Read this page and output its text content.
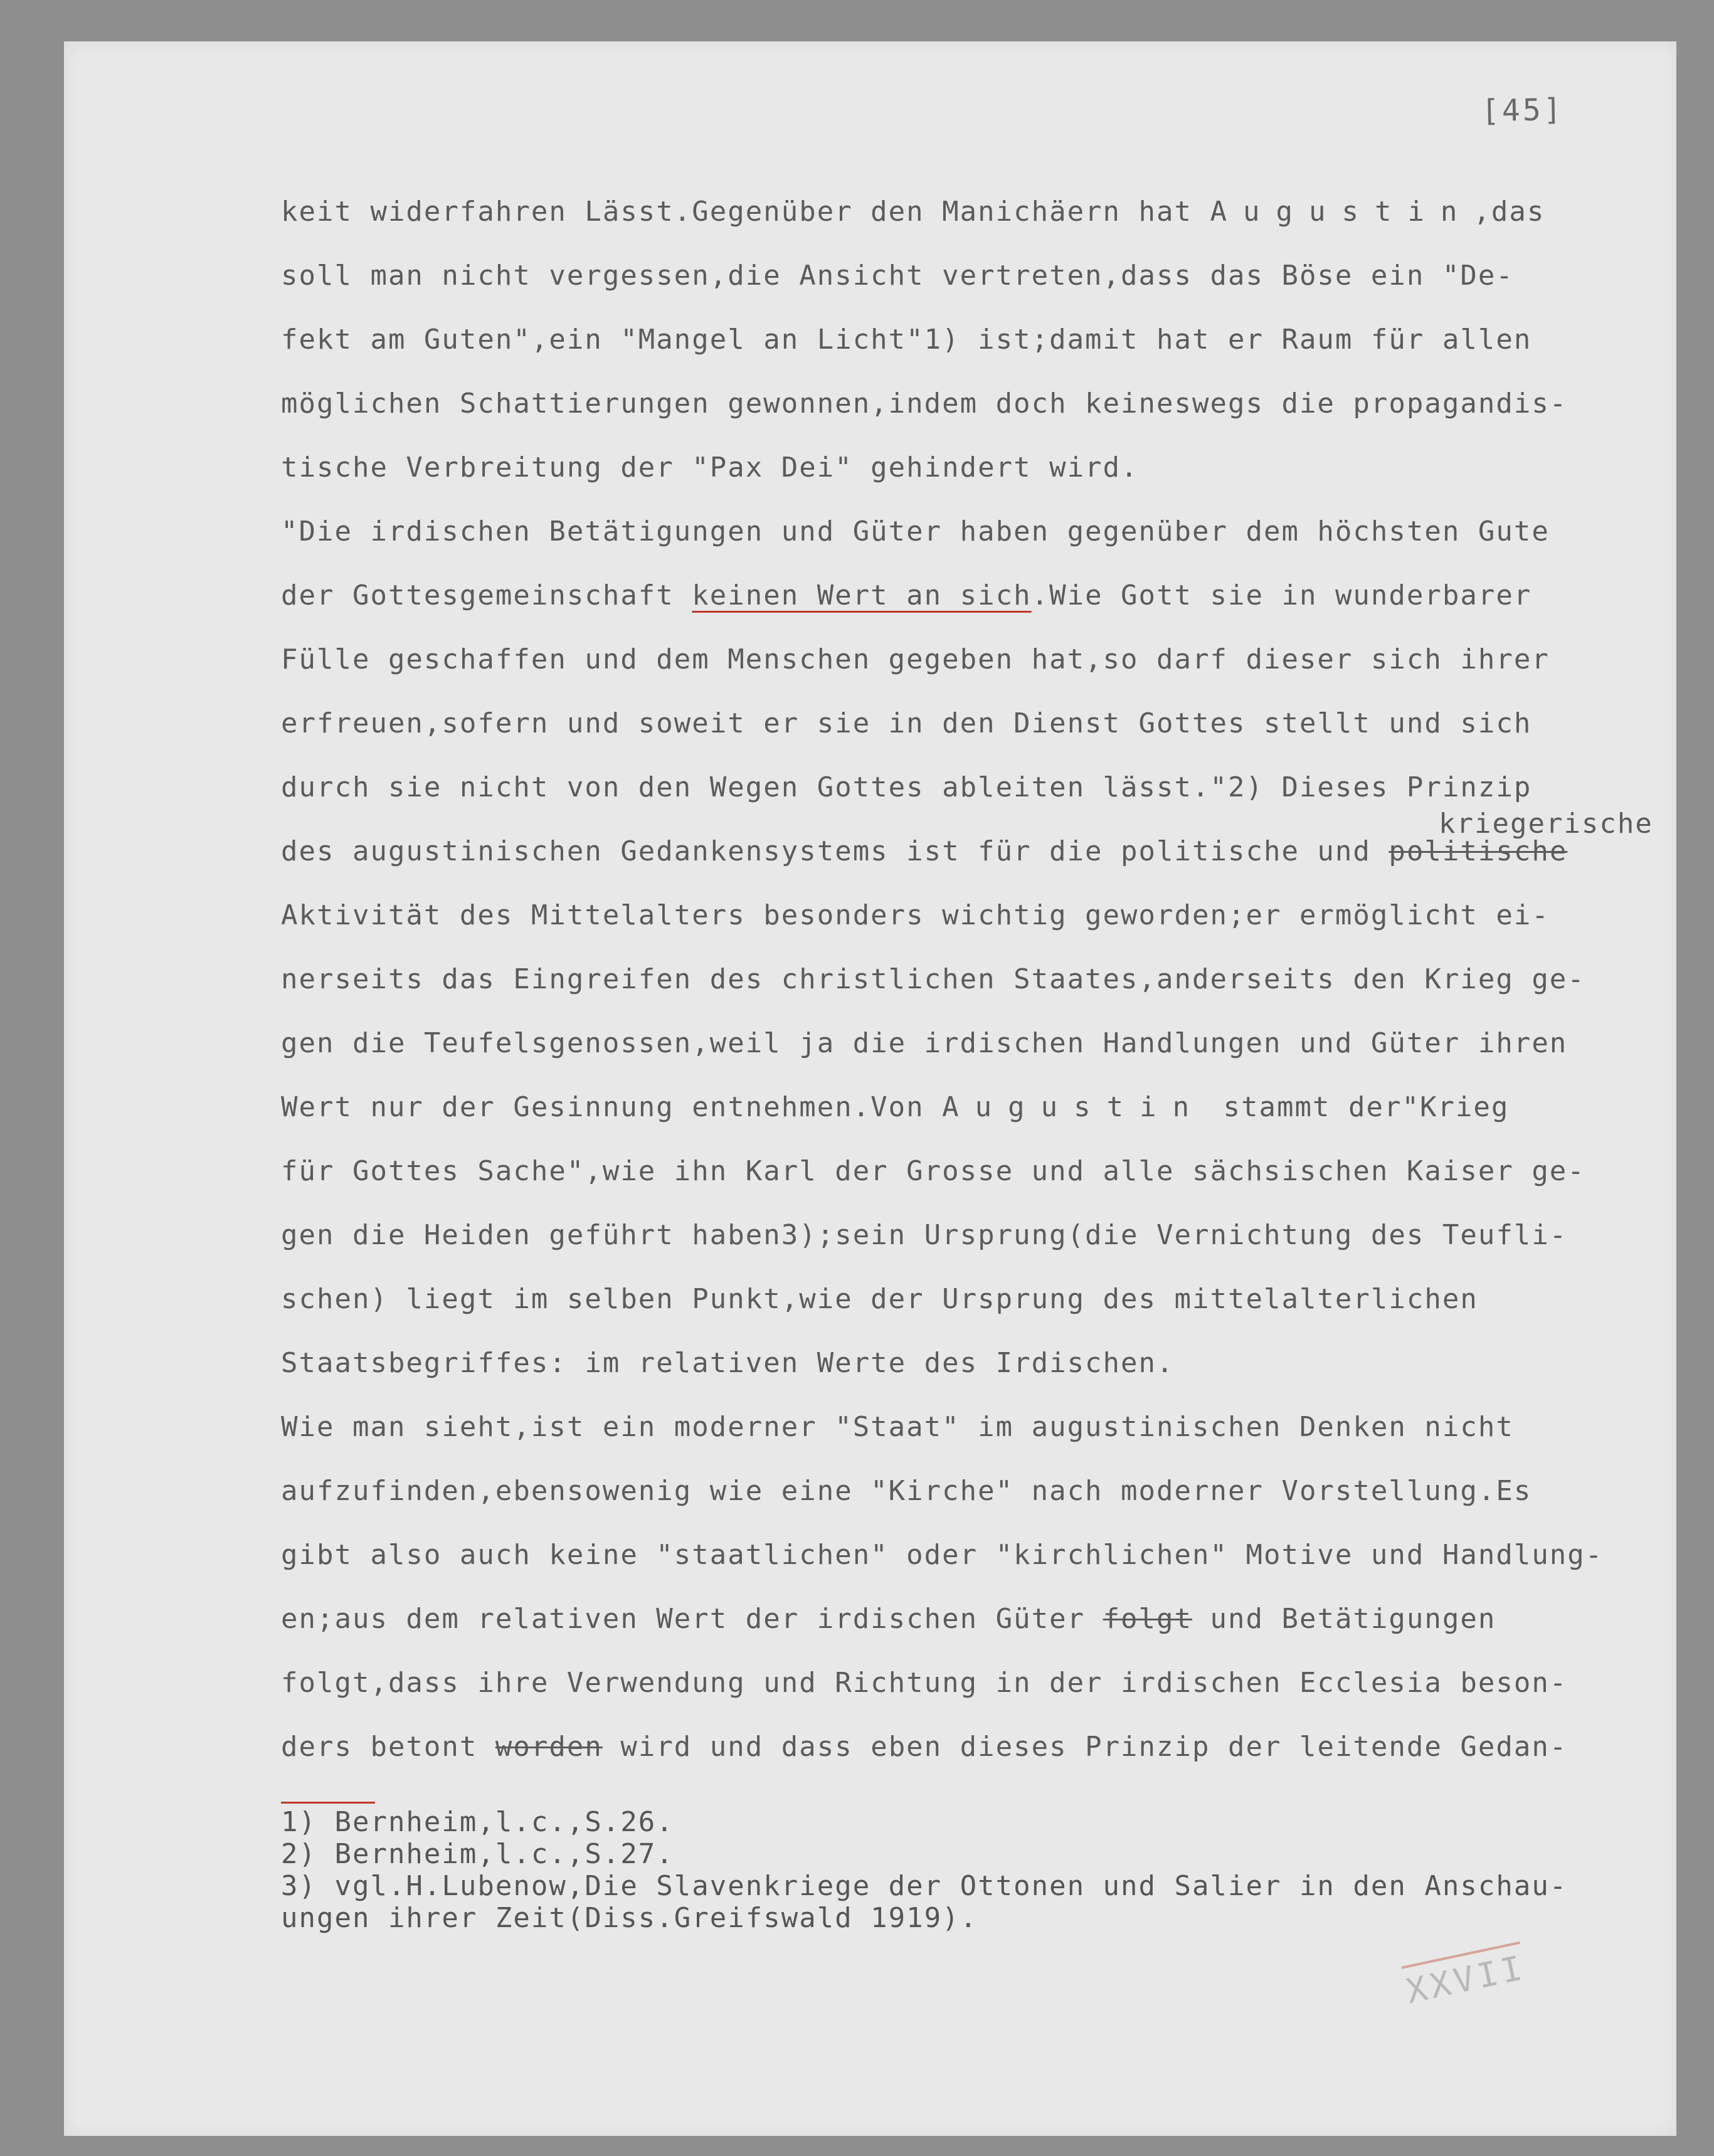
[45]
keit widerfahren Lässt.Gegenüber den Manichäern hat Augustin,das
soll man nicht vergessen,die Ansicht vertreten,dass das Böse ein "De-
fekt am Guten",ein "Mangel an Licht"1) ist;damit hat er Raum für allen
möglichen Schattierungen gewonnen,indem doch keineswegs die propagandis-
tische Verbreitung der "Pax Dei" gehindert wird.
"Die irdischen Betätigungen und Güter haben gegenüber dem höchsten Gute
der Gottesgemeinschaft keinen Wert an sich.Wie Gott sie in wunderbarer
Fülle geschaffen und dem Menschen gegeben hat,so darf dieser sich ihrer
erfreuen,sofern und soweit er sie in den Dienst Gottes stellt und sich
durch sie nicht von den Wegen Gottes ableiten lässt."2) Dieses Prinzip
des augustinischen Gedankensystems ist für die politische und politische
Aktivität des Mittelalters besonders wichtig geworden;er ermöglicht ei-
nerseits das Eingreifen des christlichen Staates,anderseits den Krieg ge-
gen die Teufelsgenossen,weil ja die irdischen Handlungen und Güter ihren
Wert nur der Gesinnung entnehmen.Von Augustin stammt der"Krieg
für Gottes Sache",wie ihn Karl der Grosse und alle sächsischen Kaiser ge-
gen die Heiden geführt haben3);sein Ursprung(die Vernichtung des Teufli-
schen) liegt im selben Punkt,wie der Ursprung des mittelalterlichen
Staatsbegriffes: im relativen Werte des Irdischen.
Wie man sieht,ist ein moderner "Staat" im augustinischen Denken nicht
aufzufinden,ebensowenig wie eine "Kirche" nach moderner Vorstellung.Es
gibt also auch keine "staatlichen" oder "kirchlichen" Motive und Handlung-
en;aus dem relativen Wert der irdischen Güter folgt und Betätigungen
folgt,dass ihre Verwendung und Richtung in der irdischen Ecclesia beson-
ders betont worden wird und dass eben dieses Prinzip der leitende Gedan-
kriegerische
1) Bernheim,l.c.,S.26.
2) Bernheim,l.c.,S.27.
3) vgl.H.Lubenow,Die Slavenkriege der Ottonen und Salier in den Anschau-
ungen ihrer Zeit(Diss.Greifswald 1919).
XXVII
